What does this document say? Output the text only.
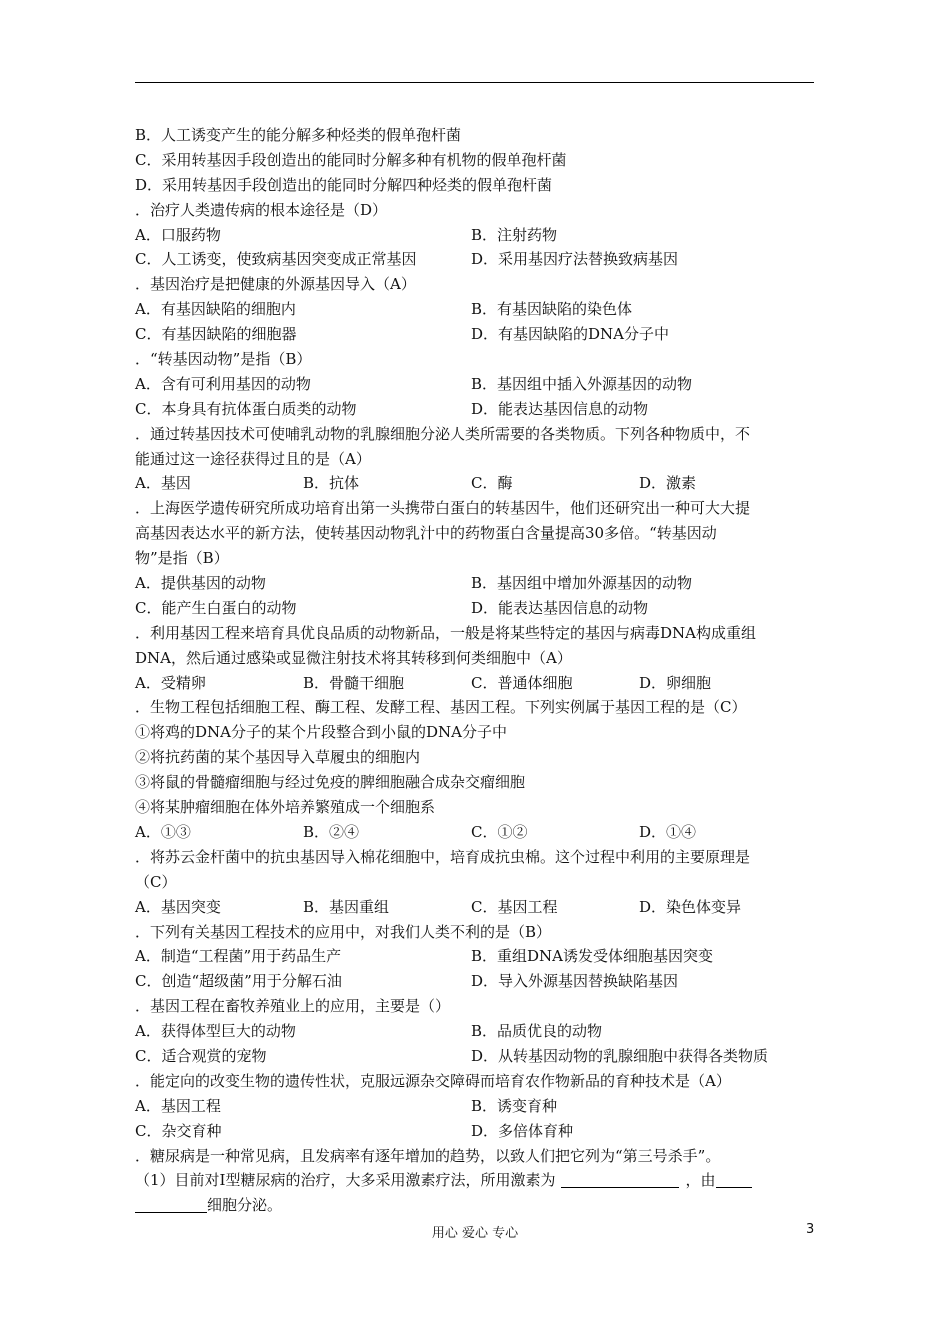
B．人工诱变产生的能分解多种烃类的假单孢杆菌
C．采用转基因手段创造出的能同时分解多种有机物的假单孢杆菌
D．采用转基因手段创造出的能同时分解四种烃类的假单孢杆菌
．治疗人类遗传病的根本途径是（D）
A．口服药物	B．注射药物
C．人工诱变，使致病基因突变成正常基因	D．采用基因疗法替换致病基因
．基因治疗是把健康的外源基因导入（A）
A．有基因缺陷的细胞内	B．有基因缺陷的染色体
C．有基因缺陷的细胞器	D．有基因缺陷的DNA分子中
．“转基因动物”是指（B）
A．含有可利用基因的动物	B．基因组中插入外源基因的动物
C．本身具有抗体蛋白质类的动物	D．能表达基因信息的动物
．通过转基因技术可使哺乳动物的乳腺细胞分泌人类所需要的各类物质。下列各种物质中，不
能通过这一途径获得过且的是（A）
A．基因	B．抗体	C．酶	D．激素
．上海医学遗传研究所成功培育出第一头携带白蛋白的转基因牛，他们还研究出一种可大大提
高基因表达水平的新方法，使转基因动物乳汁中的药物蛋白含量提高30多倍。“转基因动
物”是指（B）
A．提供基因的动物	B．基因组中增加外源基因的动物
C．能产生白蛋白的动物	D．能表达基因信息的动物
．利用基因工程来培育具优良品质的动物新品，一般是将某些特定的基因与病毒DNA构成重组
DNA，然后通过感染或显微注射技术将其转移到何类细胞中（A）
A．受精卵	B．骨髓干细胞	C．普通体细胞	D．卵细胞
．生物工程包括细胞工程、酶工程、发酵工程、基因工程。下列实例属于基因工程的是（C）
①将鸡的DNA分子的某个片段整合到小鼠的DNA分子中
②将抗药菌的某个基因导入草履虫的细胞内
③将鼠的骨髓瘤细胞与经过免疫的脾细胞融合成杂交瘤细胞
④将某肿瘤细胞在体外培养繁殖成一个细胞系
A．①③	B．②④	C．①②	D．①④
．将苏云金杆菌中的抗虫基因导入棉花细胞中，培育成抗虫棉。这个过程中利用的主要原理是
（C）
A．基因突变	B．基因重组	C．基因工程	D．染色体变异
．下列有关基因工程技术的应用中，对我们人类不利的是（B）
A．制造“工程菌”用于药品生产	B．重组DNA诱发受体细胞基因突变
C．创造“超级菌”用于分解石油	D．导入外源基因替换缺陷基因
．基因工程在畜牧养殖业上的应用，主要是（）
A．获得体型巨大的动物	B．品质优良的动物
C．适合观赏的宠物	D．从转基因动物的乳腺细胞中获得各类物质
．能定向的改变生物的遗传性状，克服远源杂交障碍而培育农作物新品的育种技术是（A）
A．基因工程	B．诱变育种
C．杂交育种	D．多倍体育种
．糖尿病是一种常见病，且发病率有逐年增加的趋势，以致人们把它列为“第三号杀手”。
（1）目前对Ⅰ型糖尿病的治疗，大多采用激素疗法，所用激素为	，由
细胞分泌。
用心 爱心 专心	3
